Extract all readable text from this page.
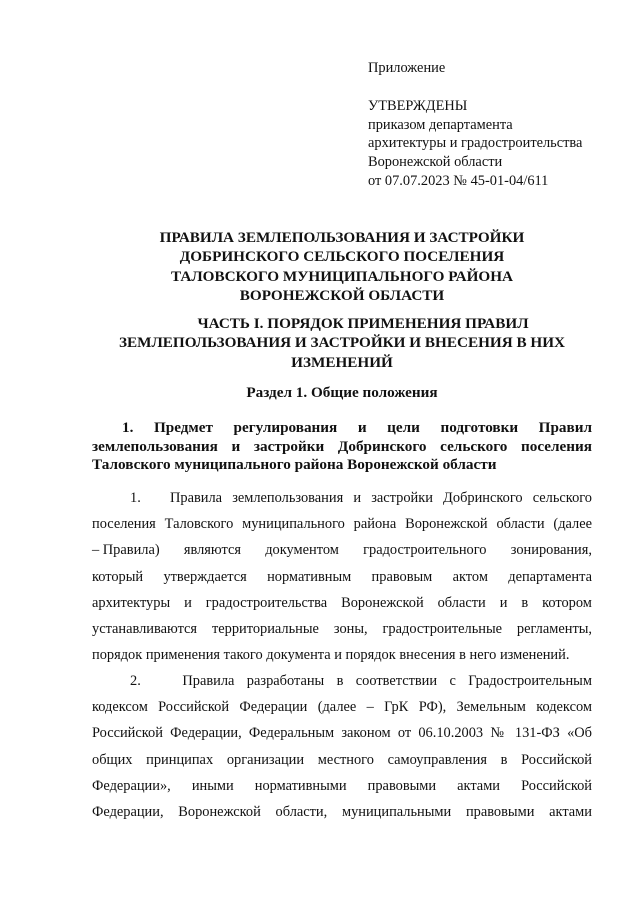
Приложение
УТВЕРЖДЕНЫ
приказом департамента
архитектуры и градостроительства
Воронежской области
от 07.07.2023 № 45-01-04/611
ПРАВИЛА ЗЕМЛЕПОЛЬЗОВАНИЯ И ЗАСТРОЙКИ
ДОБРИНСКОГО СЕЛЬСКОГО ПОСЕЛЕНИЯ
ТАЛОВСКОГО МУНИЦИПАЛЬНОГО РАЙОНА
ВОРОНЕЖСКОЙ ОБЛАСТИ
ЧАСТЬ I. ПОРЯДОК ПРИМЕНЕНИЯ ПРАВИЛ
ЗЕМЛЕПОЛЬЗОВАНИЯ И ЗАСТРОЙКИ И ВНЕСЕНИЯ В НИХ
ИЗМЕНЕНИЙ
Раздел 1. Общие положения
1. Предмет регулирования и цели подготовки Правил
землепользования и застройки Добринского сельского поселения
Таловского муниципального района Воронежской области
1.	Правила землепользования и застройки Добринского сельского
поселения Таловского муниципального района Воронежской области (далее
– Правила) являются документом градостроительного зонирования,
который утверждается нормативным правовым актом департамента
архитектуры и градостроительства Воронежской области и в котором
устанавливаются территориальные зоны, градостроительные регламенты,
порядок применения такого документа и порядок внесения в него изменений.
2.	Правила разработаны в соответствии с Градостроительным
кодексом Российской Федерации (далее – ГрК РФ), Земельным кодексом
Российской Федерации, Федеральным законом от 06.10.2003 № 131-ФЗ «Об
общих принципах организации местного самоуправления в Российской
Федерации», иными нормативными правовыми актами Российской
Федерации, Воронежской области, муниципальными правовыми актами
